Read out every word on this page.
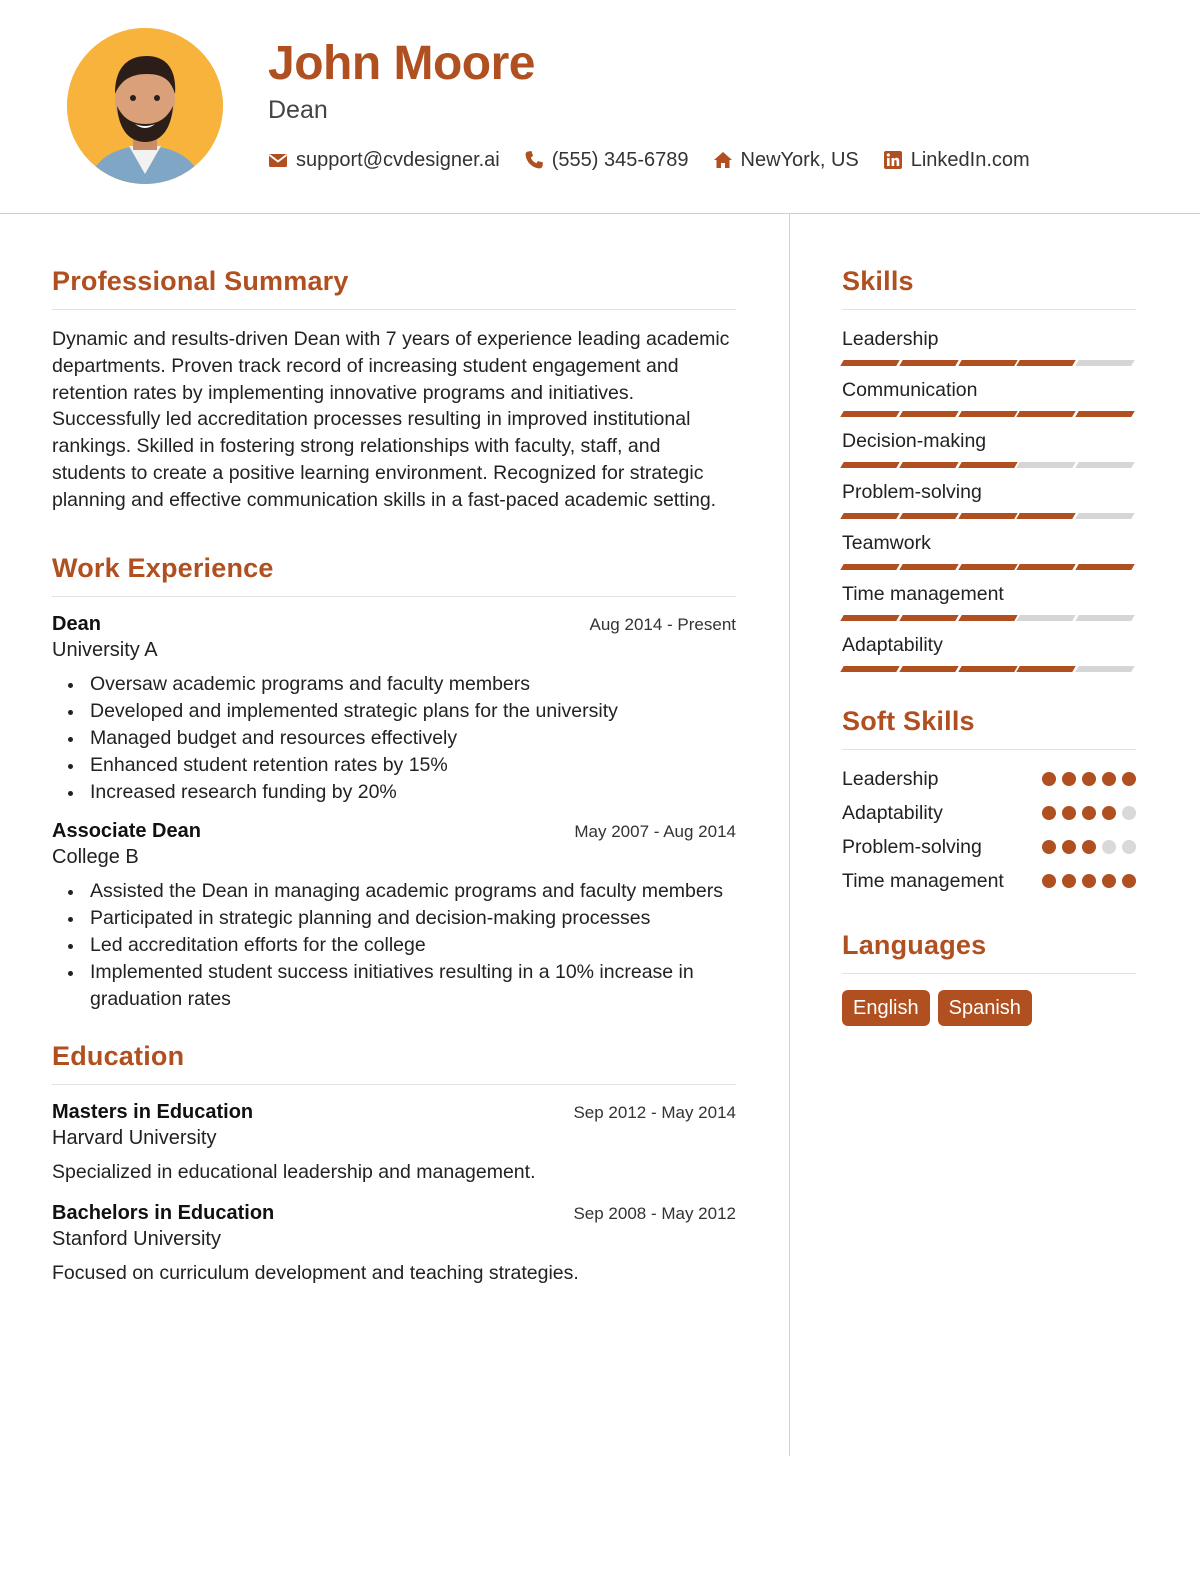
John Moore
Dean
support@cvdesigner.ai	(555) 345-6789	NewYork, US	LinkedIn.com
Professional Summary
Dynamic and results-driven Dean with 7 years of experience leading academic departments. Proven track record of increasing student engagement and retention rates by implementing innovative programs and initiatives. Successfully led accreditation processes resulting in improved institutional rankings. Skilled in fostering strong relationships with faculty, staff, and students to create a positive learning environment. Recognized for strategic planning and effective communication skills in a fast-paced academic setting.
Work Experience
Dean	Aug 2014 - Present
University A
Oversaw academic programs and faculty members
Developed and implemented strategic plans for the university
Managed budget and resources effectively
Enhanced student retention rates by 15%
Increased research funding by 20%
Associate Dean	May 2007 - Aug 2014
College B
Assisted the Dean in managing academic programs and faculty members
Participated in strategic planning and decision-making processes
Led accreditation efforts for the college
Implemented student success initiatives resulting in a 10% increase in graduation rates
Education
Masters in Education	Sep 2012 - May 2014
Harvard University
Specialized in educational leadership and management.
Bachelors in Education	Sep 2008 - May 2012
Stanford University
Focused on curriculum development and teaching strategies.
Skills
Leadership
Communication
Decision-making
Problem-solving
Teamwork
Time management
Adaptability
Soft Skills
Leadership
Adaptability
Problem-solving
Time management
Languages
English	Spanish
